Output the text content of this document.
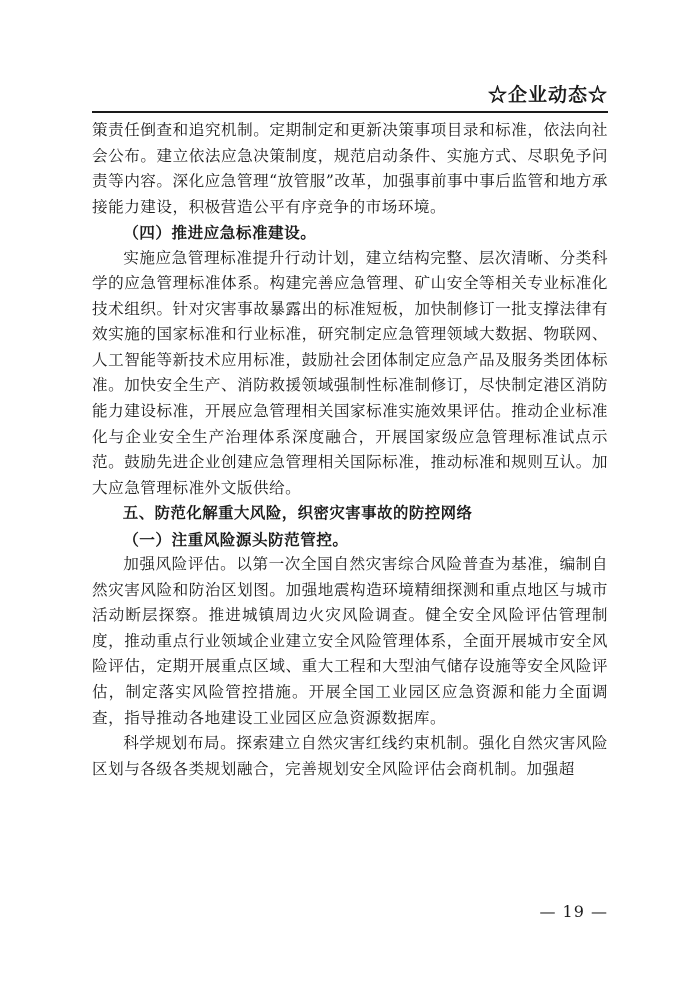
☆企业动态☆

策责任倒查和追究机制。定期制定和更新决策事项目录和标准，依法向社会公布。建立依法应急决策制度，规范启动条件、实施方式、尽职免予问责等内容。深化应急管理“放管服”改革，加强事前事中事后监管和地方承接能力建设，积极营造公平有序竞争的市场环境。

（四）推进应急标准建设。

实施应急管理标准提升行动计划，建立结构完整、层次清晰、分类科学的应急管理标准体系。构建完善应急管理、矿山安全等相关专业标准化技术组织。针对灾害事故暴露出的标准短板，加快制修订一批支撑法律有效实施的国家标准和行业标准，研究制定应急管理领域大数据、物联网、人工智能等新技术应用标准，鼓励社会团体制定应急产品及服务类团体标准。加快安全生产、消防救援领域强制性标准制修订，尽快制定港区消防能力建设标准，开展应急管理相关国家标准实施效果评估。推动企业标准化与企业安全生产治理体系深度融合，开展国家级应急管理标准试点示范。鼓励先进企业创建应急管理相关国际标准，推动标准和规则互认。加大应急管理标准外文版供给。

五、防范化解重大风险，织密灾害事故的防控网络

（一）注重风险源头防范管控。

加强风险评估。以第一次全国自然灾害综合风险普查为基准，编制自然灾害风险和防治区划图。加强地震构造环境精细探测和重点地区与城市活动断层探察。推进城镇周边火灾风险调查。健全安全风险评估管理制度，推动重点行业领域企业建立安全风险管理体系，全面开展城市安全风险评估，定期开展重点区域、重大工程和大型油气储存设施等安全风险评估，制定落实风险管控措施。开展全国工业园区应急资源和能力全面调查，指导推动各地建设工业园区应急资源数据库。

科学规划布局。探索建立自然灾害红线约束机制。强化自然灾害风险区划与各级各类规划融合，完善规划安全风险评估会商机制。加强超

— 19 —
